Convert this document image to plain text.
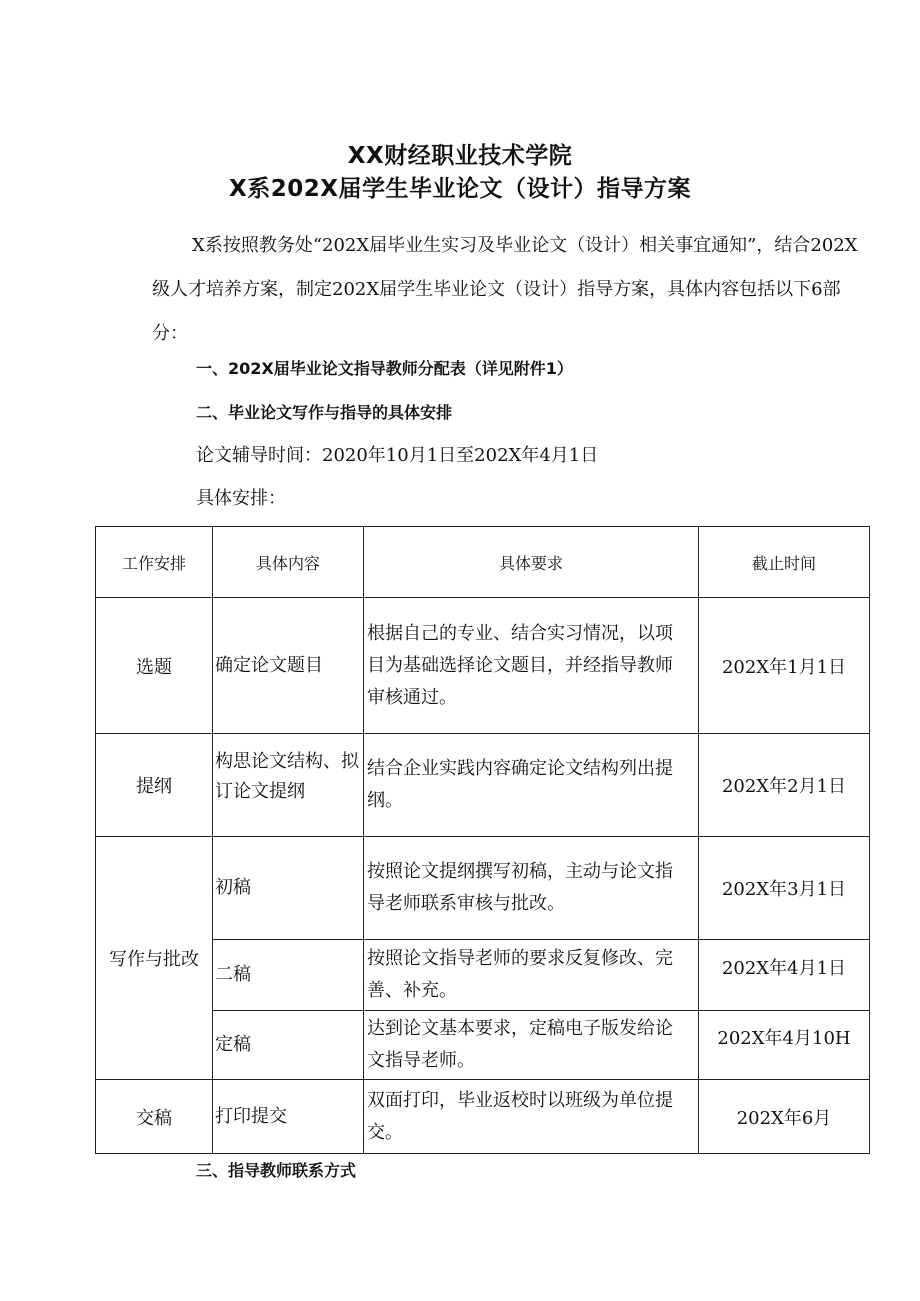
XX财经职业技术学院
X系202X届学生毕业论文（设计）指导方案

X系按照教务处“202X届毕业生实习及毕业论文（设计）相关事宜通知”，结合202X级人才培养方案，制定202X届学生毕业论文（设计）指导方案，具体内容包括以下6部分：

一、202X届毕业论文指导教师分配表（详见附件1）

二、毕业论文写作与指导的具体安排

论文辅导时间：2020年10月1日至202X年4月1日

具体安排：

工作安排	具体内容	具体要求	截止时间
选题	确定论文题目	根据自己的专业、结合实习情况，以项目为基础选择论文题目，并经指导教师审核通过。	202X年1月1日
提纲	构思论文结构、拟订论文提纲	结合企业实践内容确定论文结构列出提纲。	202X年2月1日
写作与批改	初稿	按照论文提纲撰写初稿，主动与论文指导老师联系审核与批改。	202X年3月1日
	二稿	按照论文指导老师的要求反复修改、完善、补充。	202X年4月1日

	定稿	达到论文基本要求，定稿电子版发给论文指导老师。	202X年4月10H

交稿	打印提交	双面打印，毕业返校时以班级为单位提交。	202X年6月

三、指导教师联系方式
